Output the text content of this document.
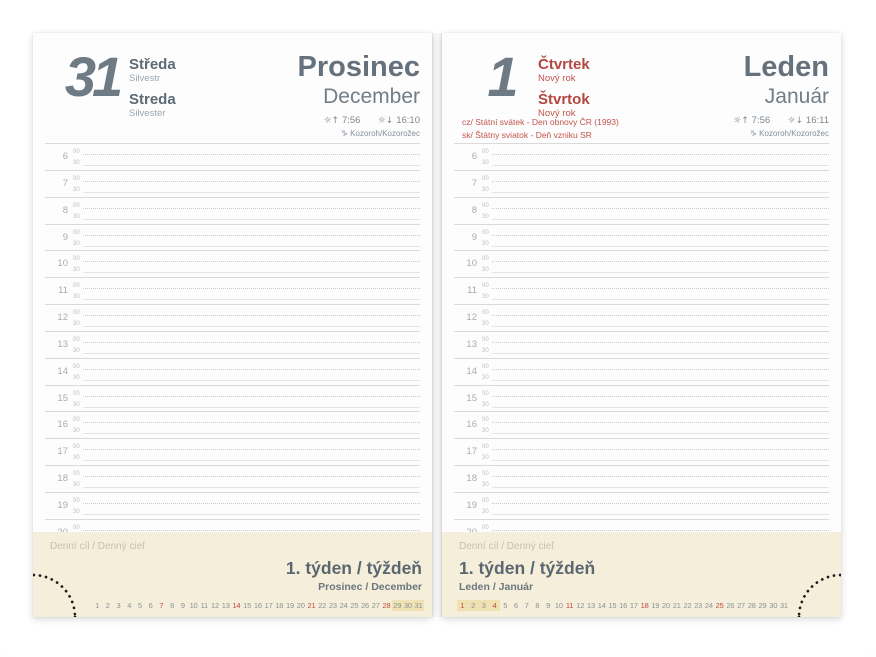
31 Středa
Silvestr
Streda
Silvester
Prosinec
December
☼↑ 7:56 ☼↓ 16:10
♑ Kozoroh/Kozorožec
6 00
30
7 00
30
8 00
30
9 00
30
10 00
30
11 00
30
12 00
30
13 00
30
14 00
30
15 00
30
16 00
30
17 00
30
18 00
30
19 00
30
00
Denní cíl / Denný cieľ
1. týden / týždeň
Prosinec / December
1 2 3 4 5 6 7 8 9 10 11 12 13 14 15 16 17 18 19 20 21 22 23 24 25 26 27 28 29 30 31
1	Čtvrtek
Nový rok
Štvrtok
Nový rok
Leden
Január
☼↑ 7:56 ☼↓ 16:11
♑ Kozoroh/Kozorožec
cz/ Státní svátek - Den obnovy ČR (1993)
sk/ Štátny sviatok - Deň vzniku SR
6 00
30
7 00
30
8 00
30
9 00
30
10 00
30
11 00
30
12 00
30
13 00
30
14 00
30
15 00
30
16 00
30
17 00
30
18 00
30
19 00
30
00
Denní cíl / Denný cieľ
1. týden / týždeň
Leden / Január
1 2 3 4 5 6 7 8 9 10 11 12 13 14 15 16 17 18 19 20 21 22 23 24 25 26 27 28 29 30 31
